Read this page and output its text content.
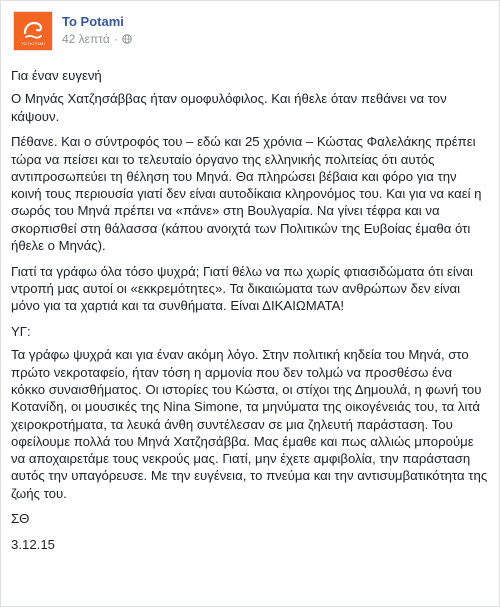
TO ПОТАМІ
To Potami
42 λεπτά ·

Για έναν ευγενή

Ο Μηνάς Χατζησάββας ήταν ομοφυλόφιλος. Και ήθελε όταν πεθάνει να τον κάψουν.

Πέθανε. Και ο σύντροφός του – εδώ και 25 χρόνια – Κώστας Φαλελάκης πρέπει τώρα να πείσει και το τελευταίο όργανο της ελληνικής πολιτείας ότι αυτός αντιπροσωπεύει τη θέληση του Μηνά. Θα πληρώσει βέβαια και φόρο για την κοινή τους περιουσία γιατί δεν είναι αυτοδίκαια κληρονόμος του. Και για να καεί η σωρός του Μηνά πρέπει να «πάνε» στη Βουλγαρία. Να γίνει τέφρα και να σκορπισθεί στη θάλασσα (κάπου ανοιχτά των Πολιτικών της Ευβοίας έμαθα ότι ήθελε ο Μηνάς).

Γιατί τα γράφω όλα τόσο ψυχρά; Γιατί θέλω να πω χωρίς φτιασιδώματα ότι είναι ντροπή μας αυτοί οι «εκκρεμότητες». Τα δικαιώματα των ανθρώπων δεν είναι μόνο για τα χαρτιά και τα συνθήματα. Είναι ΔΙΚΑΙΩΜΑΤΑ!

ΥΓ:

Τα γράφω ψυχρά και για έναν ακόμη λόγο. Στην πολιτική κηδεία του Μηνά, στο πρώτο νεκροταφείο, ήταν τόση η αρμονία που δεν τολμώ να προσθέσω ένα κόκκο συναισθήματος. Οι ιστορίες του Κώστα, οι στίχοι της Δημουλά, η φωνή του Κοτανίδη, οι μουσικές της Nina Simone, τα μηνύματα της οικογένειάς του, τα λιτά χειροκροτήματα, τα λευκά άνθη συντέλεσαν σε μια ζηλευτή παράσταση. Του οφείλουμε πολλά του Μηνά Χατζησάββα. Μας έμαθε και πως αλλιώς μπορούμε να αποχαιρετάμε τους νεκρούς μας. Γιατί, μην έχετε αμφιβολία, την παράσταση αυτός την υπαγόρευσε. Με την ευγένεια, το πνεύμα και την αντισυμβατικότητα της ζωής του.

ΣΘ

3.12.15
